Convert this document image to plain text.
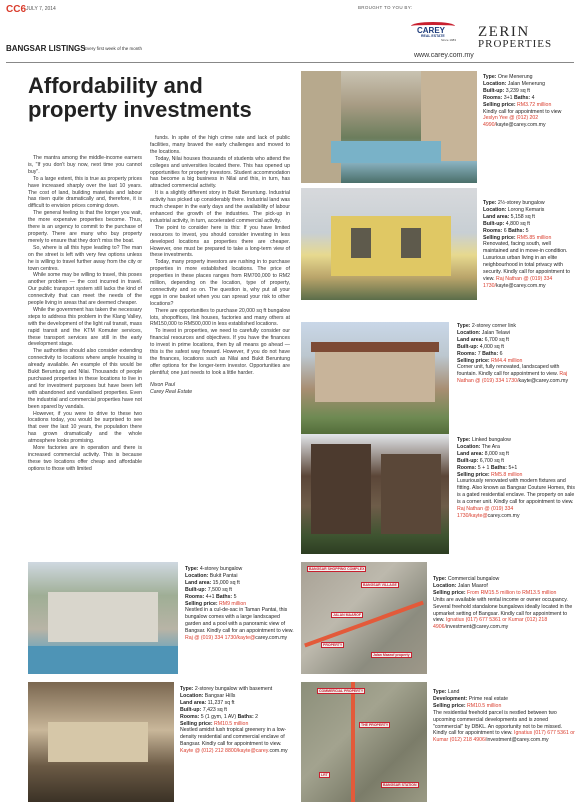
CC6 JULY 7, 2014	BROUGHT TO YOU BY:
CAREY
REAL ESTATE
Since 1983 ZERIN
PROPERTIES
www.carey.com.my
BANGSAR LISTINGS
Every first week of the month
Affordability and property investments

The mantra among the middle-income earners is, "If you don't buy now, next time you cannot buy".

To a large extent, this is true as property prices have increased sharply over the last 10 years. The cost of land, building materials and labour has risen quite dramatically and, therefore, it is difficult to envision prices coming down.

The general feeling is that the longer you wait, the more expensive properties become. Thus, there is an urgency to commit to the purchase of property. There are many who buy property merely to ensure that they don't miss the boat.

So, where is all this hype leading to? The man on the street is left with very few options unless he is willing to travel further away from the city or town centres.

While some may be willing to travel, this poses another problem — the cost incurred in travel. Our public transport system still lacks the kind of connectivity that can meet the needs of the people living in areas that are deemed cheaper.

While the government has taken the necessary steps to address this problem in the Klang Valley, with the development of the light rail transit, mass rapid transit and the KTM Komuter services, these transport services are still in the early development stage.

The authorities should also consider extending connectivity to locations where ample housing is already available. An example of this would be Bukit Beruntung and Nilai. Thousands of people purchased properties in these locations to live in and for investment purposes but have been left with abandoned and vandalised properties. Even the industrial and commercial properties have not been spared by vandals.

However, if you were to drive to these two locations today, you would be surprised to see that over the last 10 years, the population there has grown dramatically and the whole atmosphere looks promising.

More factories are in operation and there is increased commercial activity. This is because these two locations offer cheap and affordable options to those with limited

funds. In spite of the high crime rate and lack of public facilities, many braved the early challenges and moved to the locations.

Today, Nilai houses thousands of students who attend the colleges and universities located there. This has opened up opportunities for property investors. Student accommodation has become a big business in Nilai and this, in turn, has attracted commercial activity.

It is a slightly different story in Bukit Beruntung. Industrial activity has picked up considerably there. Industrial land was much cheaper in the early days and the availability of labour enhanced the growth of the industries. The pick-up in industrial activity, in turn, accelerated commercial activity.

The point to consider here is this: If you have limited resources to invest, you should consider investing in less developed locations as properties there are cheaper. However, one must be prepared to take a long-term view of these investments.

Today, many property investors are rushing in to purchase properties in more established locations. The price of properties in these places ranges from RM700,000 to RM2 million, depending on the location, type of property, connectivity and so on. The question is, why put all your eggs in one basket when you can spread your risk to other locations?

There are opportunities to purchase 20,000 sq ft bungalow lots, shopoffices, link houses, factories and many others at RM150,000 to RM500,000 in less established locations.

To invest in properties, we need to carefully consider our financial resources and objectives. If you have the finances to invest in prime locations, then by all means go ahead — this is the safest way forward. However, if you do not have the finances, locations such as Nilai and Bukit Beruntung offer options for the longer-term investor. Opportunities are plentiful; one just needs to look a little harder.

Nixon Paul

Carey Real Estate

BANGSAR SHOPPING COMPLEX
BANGSAR VILLAGE
JALAN MAAROF
PROPERTY
Jalan Maarof property
COMMERCIAL PROPERTY
THE PROPERTY
BANGSAR STATION
LRT
Type: One Menerung
Location: Jalan Menerung
Built-up: 3,239 sq ft
Rooms: 3+1 Baths: 4
Selling price: RM3.72 million
Kindly call for appointment to view Jeslyn Yee @ (012) 202 4990/kayte@carey.com.my
Type: 2½-storey bungalow
Location: Lorong Kemaris
Land area: 5,158 sq ft
Built-up: 4,800 sq ft
Rooms: 6 Baths: 5
Selling price: RM5.85 million
Renovated, facing south, well maintained and in move-in condition. Luxurious urban living in an elite neighbourhood in total privacy with security. Kindly call for appointment to view. Raj Nathan @ (019) 334 1730/kayte@carey.com.my
Type: 2-storey corner link
Location: Jalan Telawi
Land area: 6,700 sq ft
Built-up: 4,000 sq ft
Rooms: 7 Baths: 6
Selling price: RM4.4 million
Corner unit, fully renovated, landscaped with fountain. Kindly call for appointment to view. Raj Nathan @ (019) 334 1730/kayte@carey.com.my
Type: Linked bungalow
Location: The Ara
Land area: 8,000 sq ft
Built-up: 6,700 sq ft
Rooms: 5 + 1 Baths: 5+1
Selling price: RM5.8 million
Luxuriously renovated with modern fixtures and fitting. Also known as Bangsar Couture Homes, this is a gated residential enclave. The property on sale is a corner unit. Kindly call for appointment to view. Raj Nathan @ (019) 334 1730/kayte@carey.com.my
Type: 4-storey bungalow
Location: Bukit Pantai
Land area: 15,000 sq ft
Built-up: 7,500 sq ft
Rooms: 4+1 Baths: 5
Selling price: RM9 million
Nestled in a cul-de-sac in Taman Pantai, this bungalow comes with a large landscaped garden and a pool with a panoramic view of Bangsar. Kindly call for an appointment to view. Raj @ (019) 334 1730/kayte@carey.com.my
Type: Commercial bungalow
Location: Jalan Maarof
Selling price: From RM15.5 million to RM13.5 million
Units are available with rental income or owner occupancy. Several freehold standalone bungalows ideally located in the upmarket setting of Bangsar. Kindly call for appointment to view. Ignatius (017) 677 5361 or Kumar (012) 218 4906/investment@carey.com.my
Type: 2-storey bungalow with basement
Location: Bangsar Hills
Land area: 11,237 sq ft
Built-up: 7,423 sq ft
Rooms: 5 (1 gym, 1 AV) Baths: 2
Selling price: RM10.5 million
Nestled amidst lush tropical greenery in a low-density residential and commercial enclave of Bangsar. Kindly call for appointment to view. Kayte @ (012) 212 8800/kayte@carey.com.my
Type: Land
Development: Prime real estate
Selling price: RM10.5 million
The residential freehold parcel is nestled between two upcoming commercial developments and is zoned "commercial" by DBKL. An opportunity not to be missed. Kindly call for appointment to view. Ignatius (017) 677 5361 or Kumar (012) 218 4906/investment@carey.com.my
